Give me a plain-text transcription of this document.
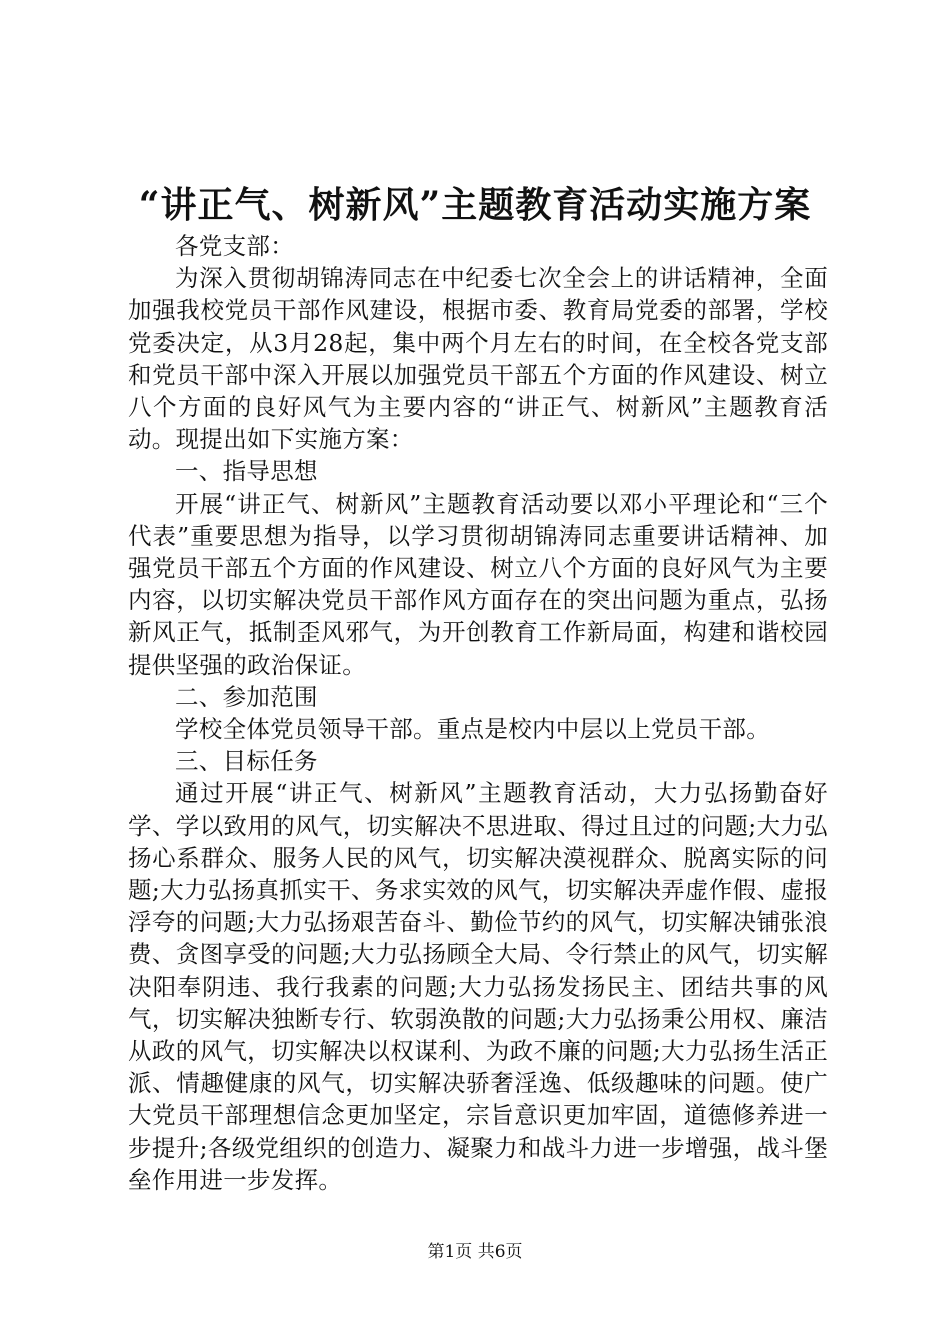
“讲正气、树新风”主题教育活动实施方案

各党支部：

为深入贯彻胡锦涛同志在中纪委七次全会上的讲话精神，全面加强我校党员干部作风建设，根据市委、教育局党委的部署，学校党委决定，从3月28起，集中两个月左右的时间，在全校各党支部和党员干部中深入开展以加强党员干部五个方面的作风建设、树立八个方面的良好风气为主要内容的“讲正气、树新风”主题教育活动。现提出如下实施方案：

一、指导思想

开展“讲正气、树新风”主题教育活动要以邓小平理论和“三个代表”重要思想为指导，以学习贯彻胡锦涛同志重要讲话精神、加强党员干部五个方面的作风建设、树立八个方面的良好风气为主要内容，以切实解决党员干部作风方面存在的突出问题为重点，弘扬新风正气，抵制歪风邪气，为开创教育工作新局面，构建和谐校园提供坚强的政治保证。

二、参加范围

学校全体党员领导干部。重点是校内中层以上党员干部。

三、目标任务

通过开展“讲正气、树新风”主题教育活动，大力弘扬勤奋好学、学以致用的风气，切实解决不思进取、得过且过的问题;大力弘扬心系群众、服务人民的风气，切实解决漠视群众、脱离实际的问题;大力弘扬真抓实干、务求实效的风气，切实解决弄虚作假、虚报浮夸的问题;大力弘扬艰苦奋斗、勤俭节约的风气，切实解决铺张浪费、贪图享受的问题;大力弘扬顾全大局、令行禁止的风气，切实解决阳奉阴违、我行我素的问题;大力弘扬发扬民主、团结共事的风气，切实解决独断专行、软弱涣散的问题;大力弘扬秉公用权、廉洁从政的风气，切实解决以权谋利、为政不廉的问题;大力弘扬生活正派、情趣健康的风气，切实解决骄奢淫逸、低级趣味的问题。使广大党员干部理想信念更加坚定，宗旨意识更加牢固，道德修养进一步提升;各级党组织的创造力、凝聚力和战斗力进一步增强，战斗堡垒作用进一步发挥。

第1页 共6页
